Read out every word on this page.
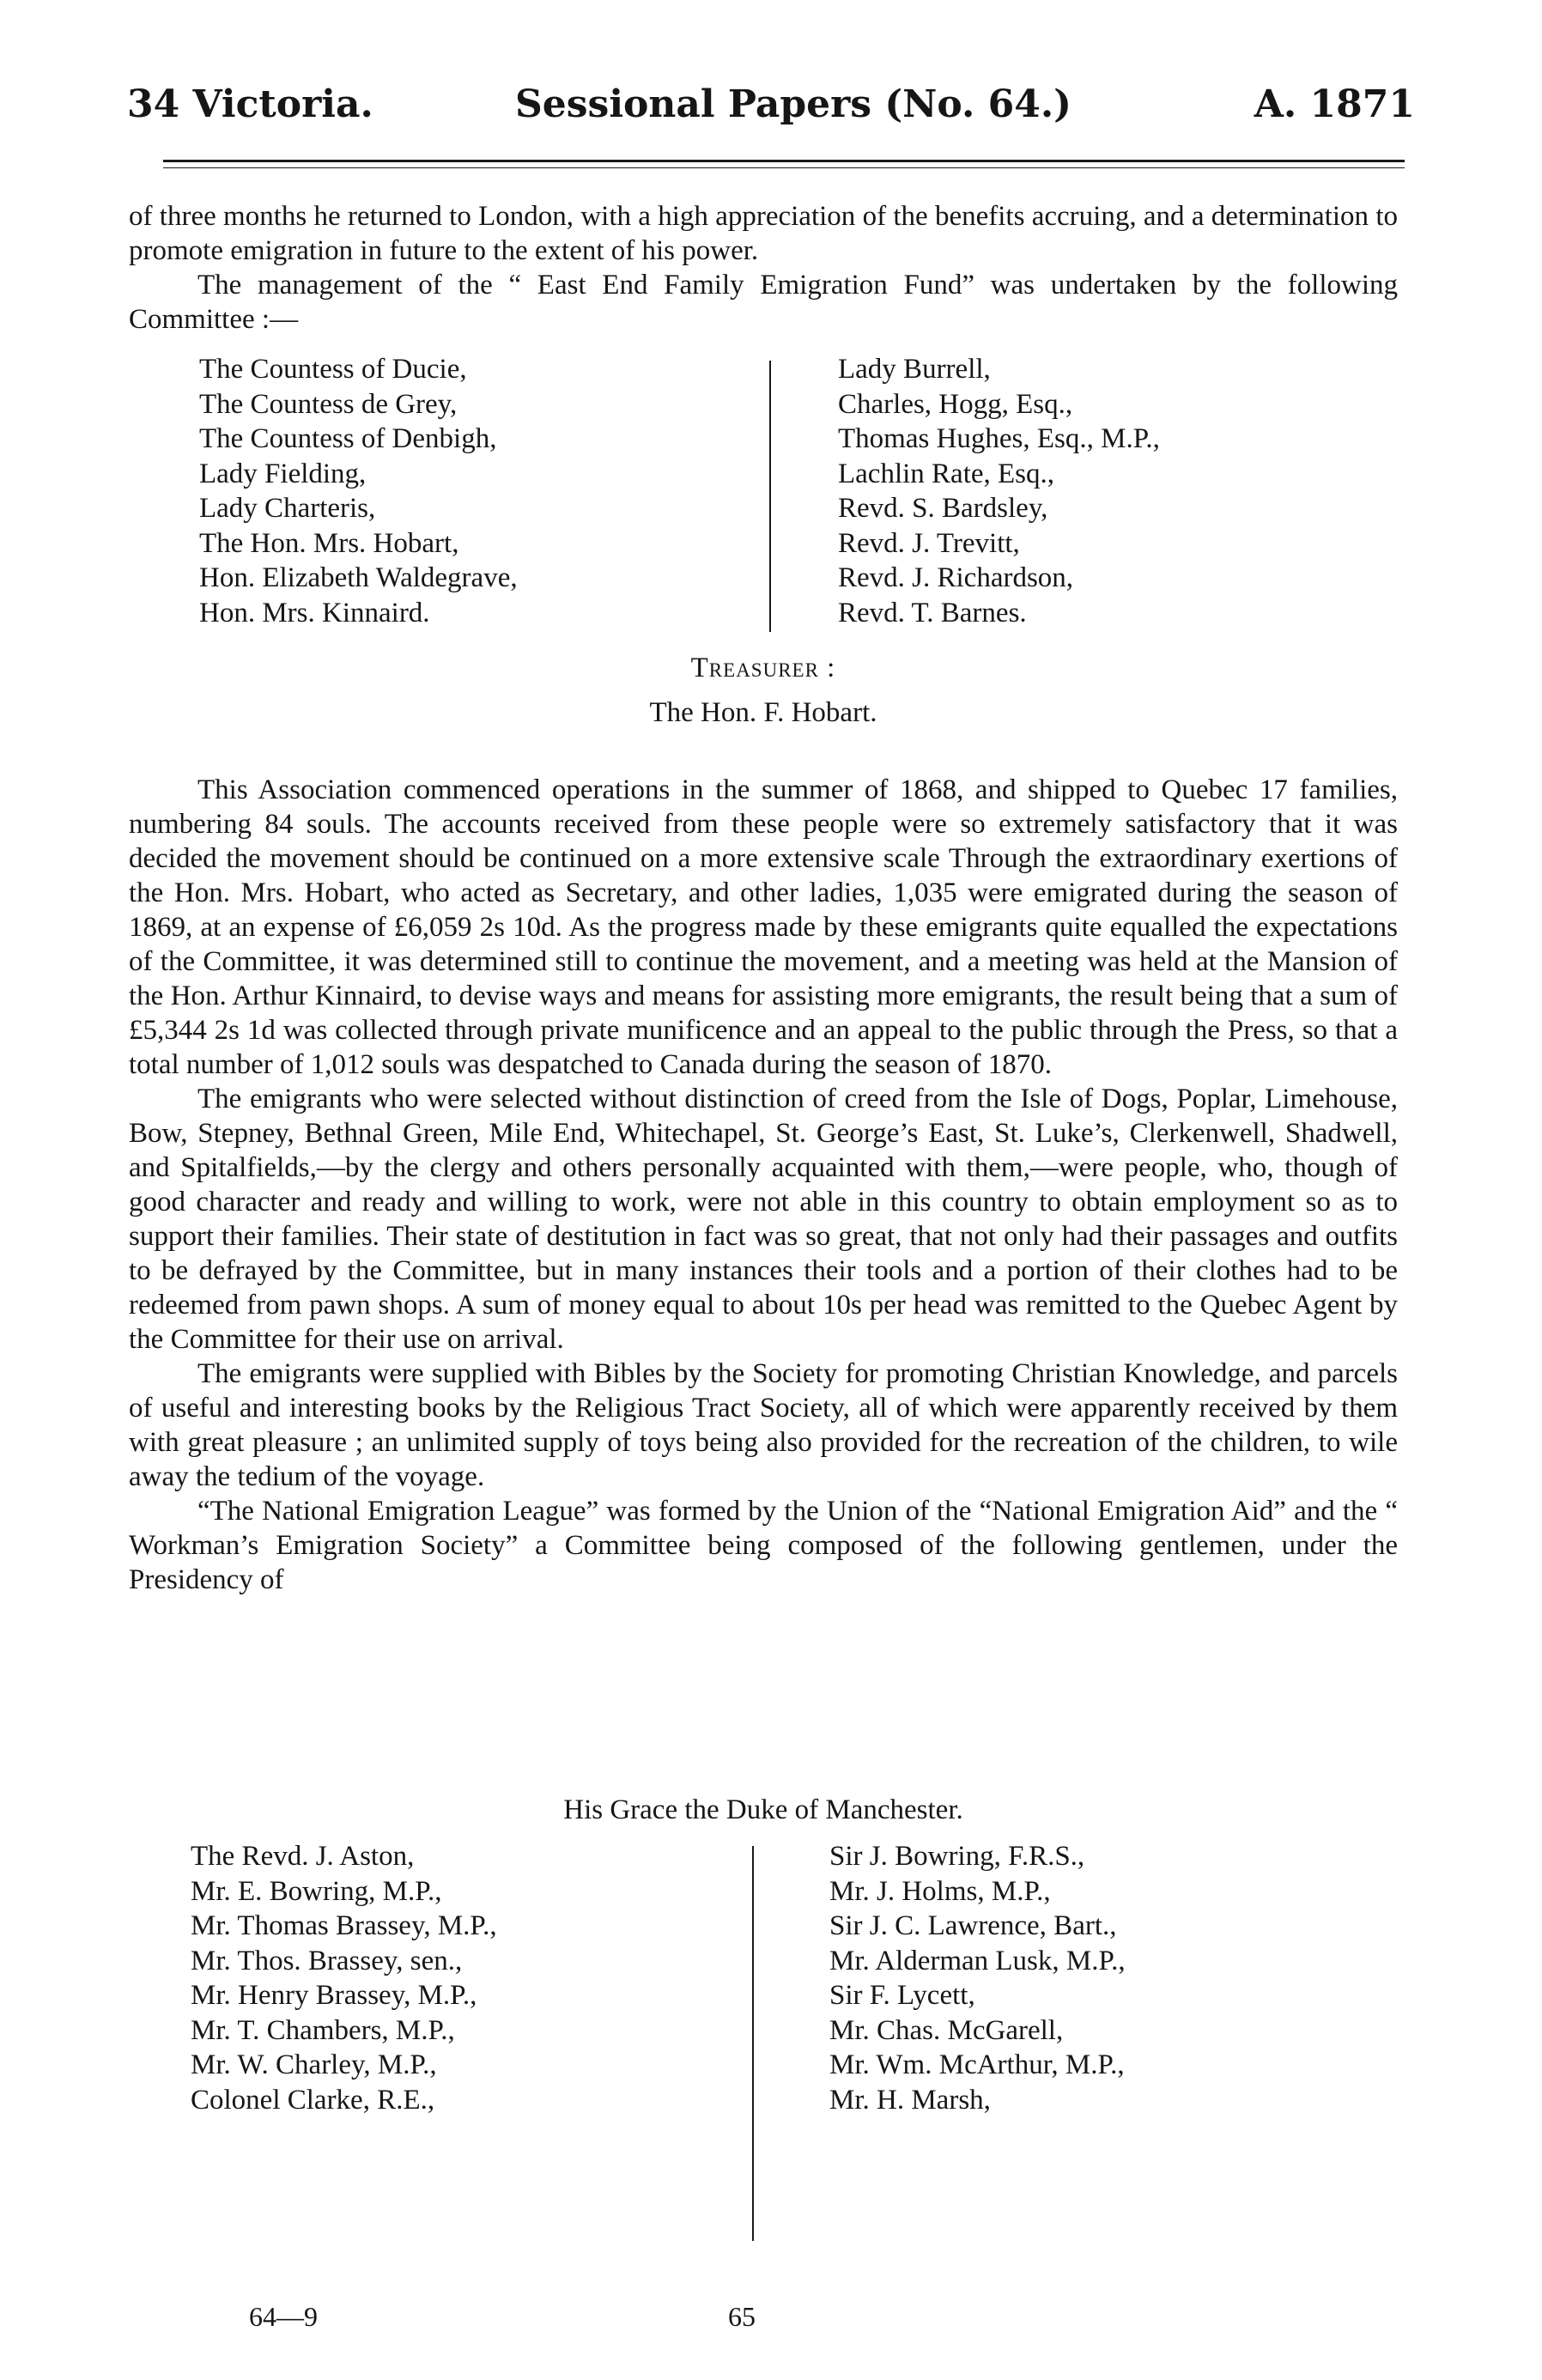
34 Victoria.	Sessional Papers (No. 64.)	A. 1871

of three months he returned to London, with a high appreciation of the benefits accruing, and a determination to promote emigration in future to the extent of his power.

The management of the “ East End Family Emigration Fund” was undertaken by the following Committee :—

The Countess of Ducie,
The Countess de Grey,
The Countess of Denbigh,
Lady Fielding,
Lady Charteris,
The Hon. Mrs. Hobart,
Hon. Elizabeth Waldegrave,
Hon. Mrs. Kinnaird.
Lady Burrell,
Charles, Hogg, Esq.,
Thomas Hughes, Esq., M.P.,
Lachlin Rate, Esq.,
Revd. S. Bardsley,
Revd. J. Trevitt,
Revd. J. Richardson,
Revd. T. Barnes.
Treasurer :
The Hon. F. Hobart.

This Association commenced operations in the summer of 1868, and shipped to Quebec 17 families, numbering 84 souls. The accounts received from these people were so extremely satisfactory that it was decided the movement should be continued on a more extensive scale Through the extraordinary exertions of the Hon. Mrs. Hobart, who acted as Secretary, and other ladies, 1,035 were emigrated during the season of 1869, at an expense of £6,059 2s 10d. As the progress made by these emigrants quite equalled the expectations of the Committee, it was determined still to continue the movement, and a meeting was held at the Mansion of the Hon. Arthur Kinnaird, to devise ways and means for assisting more emigrants, the result being that a sum of £5,344 2s 1d was collected through private munificence and an appeal to the public through the Press, so that a total number of 1,012 souls was despatched to Canada during the season of 1870.

The emigrants who were selected without distinction of creed from the Isle of Dogs, Poplar, Limehouse, Bow, Stepney, Bethnal Green, Mile End, Whitechapel, St. George’s East, St. Luke’s, Clerkenwell, Shadwell, and Spitalfields,—by the clergy and others personally acquainted with them,—were people, who, though of good character and ready and willing to work, were not able in this country to obtain employment so as to support their families. Their state of destitution in fact was so great, that not only had their passages and outfits to be defrayed by the Committee, but in many instances their tools and a portion of their clothes had to be redeemed from pawn shops. A sum of money equal to about 10s per head was remitted to the Quebec Agent by the Committee for their use on arrival.

The emigrants were supplied with Bibles by the Society for promoting Christian Knowledge, and parcels of useful and interesting books by the Religious Tract Society, all of which were apparently received by them with great pleasure ; an unlimited supply of toys being also provided for the recreation of the children, to wile away the tedium of the voyage.

“The National Emigration League” was formed by the Union of the “National Emigration Aid” and the “ Workman’s Emigration Society” a Committee being composed of the following gentlemen, under the Presidency of

His Grace the Duke of Manchester.
The Revd. J. Aston,
Mr. E. Bowring, M.P.,
Mr. Thomas Brassey, M.P.,
Mr. Thos. Brassey, sen.,
Mr. Henry Brassey, M.P.,
Mr. T. Chambers, M.P.,
Mr. W. Charley, M.P.,
Colonel Clarke, R.E.,
Sir J. Bowring, F.R.S.,
Mr. J. Holms, M.P.,
Sir J. C. Lawrence, Bart.,
Mr. Alderman Lusk, M.P.,
Sir F. Lycett,
Mr. Chas. McGarell,
Mr. Wm. McArthur, M.P.,
Mr. H. Marsh,
64—9	65
